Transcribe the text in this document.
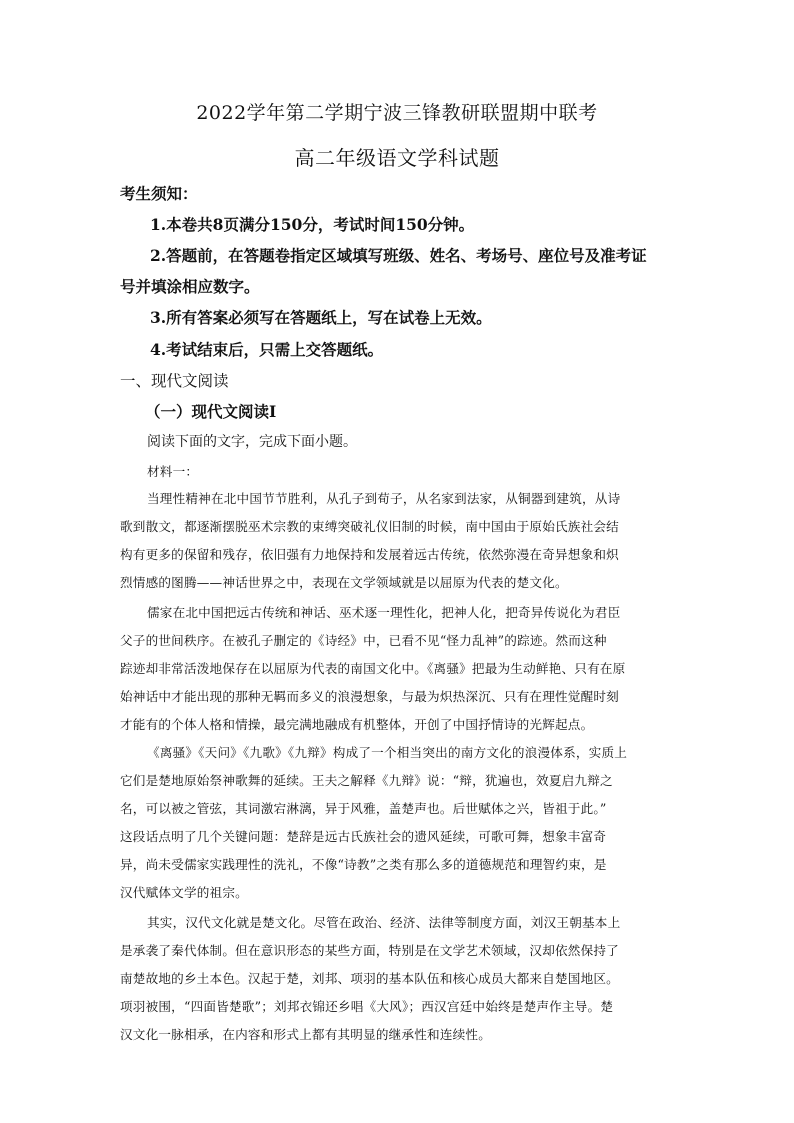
2022学年第二学期宁波三锋教研联盟期中联考
高二年级语文学科试题
考生须知：
1.本卷共8页满分150分，考试时间150分钟。
2.答题前，在答题卷指定区域填写班级、姓名、考场号、座位号及准考证
号并填涂相应数字。
3.所有答案必须写在答题纸上，写在试卷上无效。
4.考试结束后，只需上交答题纸。
一、现代文阅读
（一）现代文阅读Ⅰ
阅读下面的文字，完成下面小题。
材料一：
当理性精神在北中国节节胜利，从孔子到荀子，从名家到法家，从铜器到建筑，从诗
歌到散文，都逐渐摆脱巫术宗教的束缚突破礼仪旧制的时候，南中国由于原始氏族社会结
构有更多的保留和残存，依旧强有力地保持和发展着远古传统，依然弥漫在奇异想象和炽
烈情感的图腾——神话世界之中，表现在文学领域就是以屈原为代表的楚文化。
儒家在北中国把远古传统和神话、巫术逐一理性化，把神人化，把奇异传说化为君臣
父子的世间秩序。在被孔子删定的《诗经》中，已看不见“怪力乱神”的踪迹。然而这种
踪迹却非常活泼地保存在以屈原为代表的南国文化中。《离骚》把最为生动鲜艳、只有在原
始神话中才能出现的那种无羁而多义的浪漫想象，与最为炽热深沉、只有在理性觉醒时刻
才能有的个体人格和情操，最完满地融成有机整体，开创了中国抒情诗的光辉起点。
《离骚》《天问》《九歌》《九辩》构成了一个相当突出的南方文化的浪漫体系，实质上
它们是楚地原始祭神歌舞的延续。王夫之解释《九辩》说：“辩，犹遍也，效夏启九辩之
名，可以被之管弦，其词激宕淋漓，异于风雅，盖楚声也。后世赋体之兴，皆祖于此。”
这段话点明了几个关键问题：楚辞是远古氏族社会的遗风延续，可歌可舞，想象丰富奇
异，尚未受儒家实践理性的洗礼，不像“诗教”之类有那么多的道德规范和理智约束，是
汉代赋体文学的祖宗。
其实，汉代文化就是楚文化。尽管在政治、经济、法律等制度方面，刘汉王朝基本上
是承袭了秦代体制。但在意识形态的某些方面，特别是在文学艺术领域，汉却依然保持了
南楚故地的乡土本色。汉起于楚，刘邦、项羽的基本队伍和核心成员大都来自楚国地区。
项羽被围，“四面皆楚歌”；刘邦衣锦还乡唱《大风》；西汉宫廷中始终是楚声作主导。楚
汉文化一脉相承，在内容和形式上都有其明显的继承性和连续性。
